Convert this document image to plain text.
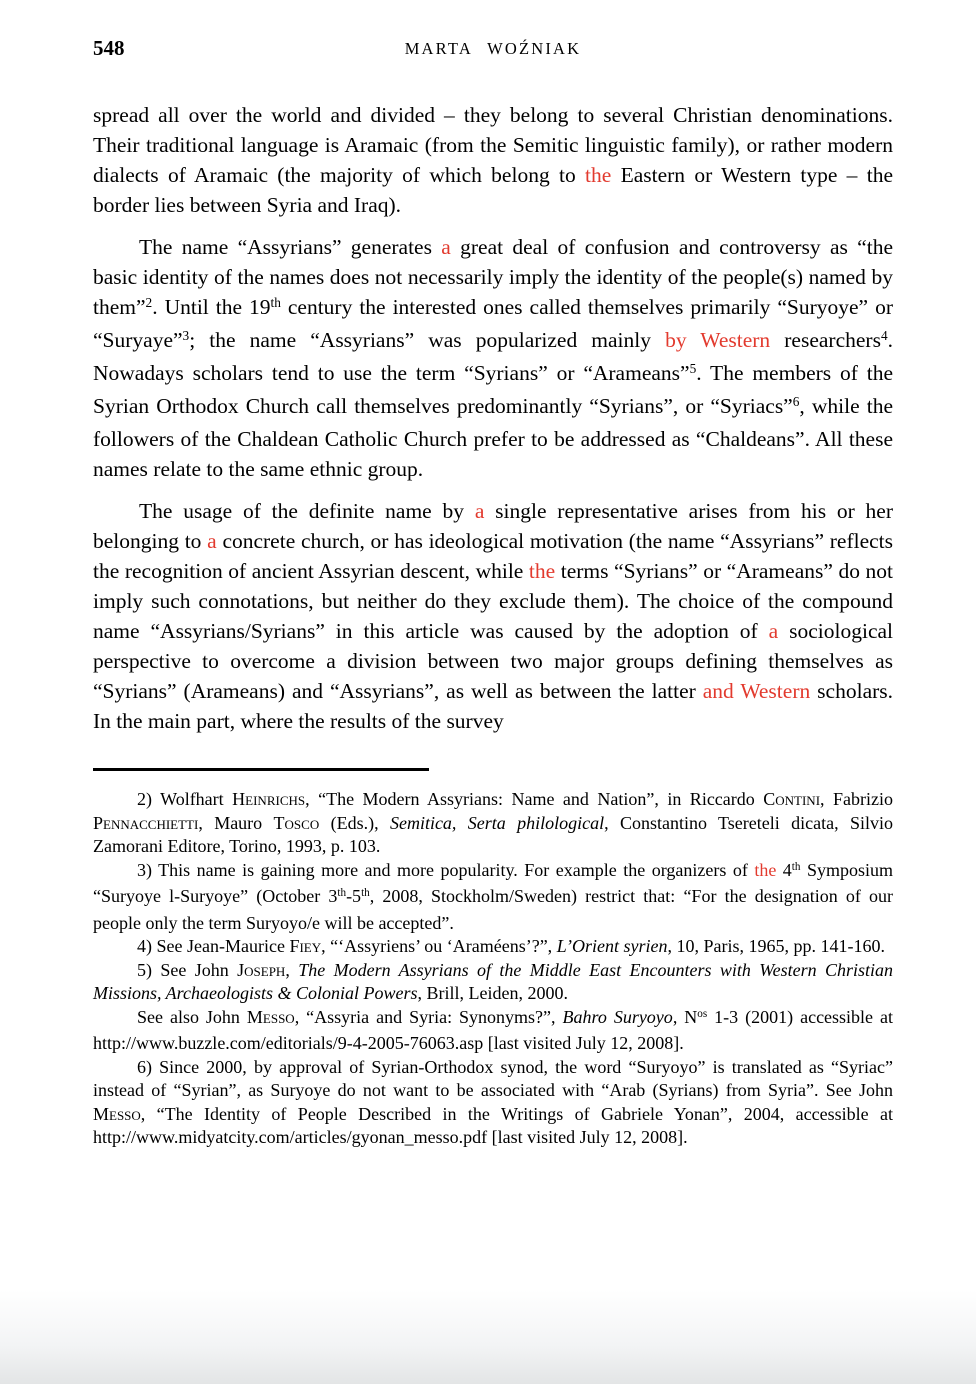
548	MARTA WOŹNIAK

spread all over the world and divided – they belong to several Christian denominations. Their traditional language is Aramaic (from the Semitic linguistic family), or rather modern dialects of Aramaic (the majority of which belong to the Eastern or Western type – the border lies between Syria and Iraq).

The name “Assyrians” generates a great deal of confusion and controversy as “the basic identity of the names does not necessarily imply the identity of the people(s) named by them”$^2$. Until the 19th century the interested ones called themselves primarily “Suryoye” or “Suryaye”$^3$; the name “Assyrians” was popularized mainly by Western researchers$^4$. Nowadays scholars tend to use the term “Syrians” or “Arameans”$^5$. The members of the Syrian Orthodox Church call themselves predominantly “Syrians”, or “Syriacs”$^6$, while the followers of the Chaldean Catholic Church prefer to be addressed as “Chaldeans”. All these names relate to the same ethnic group.

The usage of the definite name by a single representative arises from his or her belonging to a concrete church, or has ideological motivation (the name “Assyrians” reflects the recognition of ancient Assyrian descent, while the terms “Syrians” or “Arameans” do not imply such connotations, but neither do they exclude them). The choice of the compound name “Assyrians/Syrians” in this article was caused by the adoption of a sociological perspective to overcome a division between two major groups defining themselves as “Syrians” (Arameans) and “Assyrians”, as well as between the latter and Western scholars. In the main part, where the results of the survey

2) Wolfhart Heinrichs, “The Modern Assyrians: Name and Nation”, in Riccardo Contini, Fabrizio Pennacchietti, Mauro Tosco (Eds.), Semitica, Serta philological, Constantino Tsereteli dicata, Silvio Zamorani Editore, Torino, 1993, p. 103.

3) This name is gaining more and more popularity. For example the organizers of the 4th Symposium “Suryoye l-Suryoye” (October 3th-5th, 2008, Stockholm/Sweden) restrict that: “For the designation of our people only the term Suryoyo/e will be accepted”.

4) See Jean-Maurice Fiey, “‘Assyriens’ ou ‘Araméens’?”, L’Orient syrien, 10, Paris, 1965, pp. 141-160.

5) See John Joseph, The Modern Assyrians of the Middle East Encounters with Western Christian Missions, Archaeologists & Colonial Powers, Brill, Leiden, 2000.

See also John Messo, “Assyria and Syria: Synonyms?”, Bahro Suryoyo, $N^{os}$ 1-3 (2001) accessible at http://www.buzzle.com/editorials/9-4-2005-76063.asp [last visited July 12, 2008].

6) Since 2000, by approval of Syrian-Orthodox synod, the word “Suryoyo” is translated as “Syriac” instead of “Syrian”, as Suryoye do not want to be associated with “Arab (Syrians) from Syria”. See John Messo, “The Identity of People Described in the Writings of Gabriele Yonan”, 2004, accessible at http://www.midyatcity.com/articles/gyonan_messo.pdf [last visited July 12, 2008].
